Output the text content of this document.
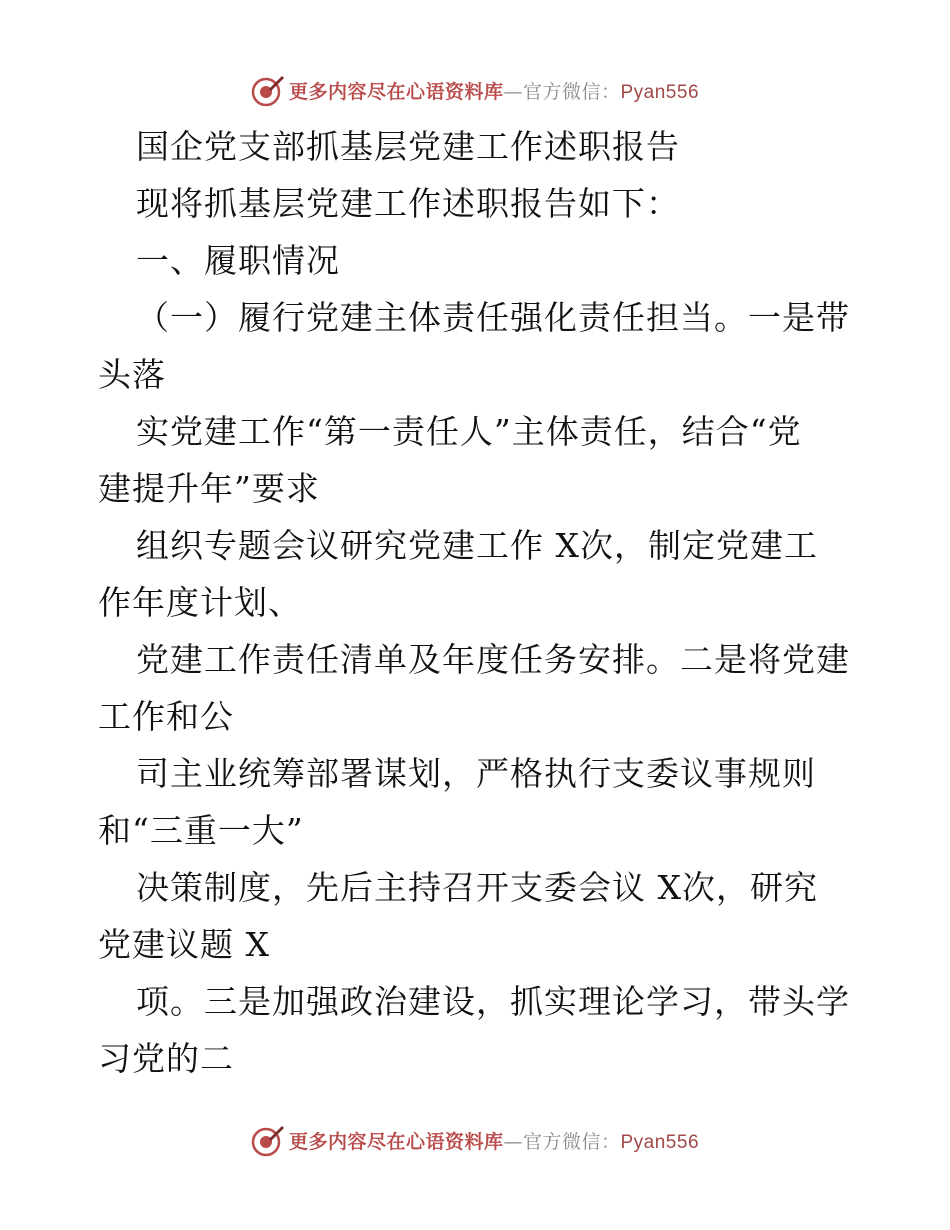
更多内容尽在心语资料库—官方微信：Pyan556
国企党支部抓基层党建工作述职报告
现将抓基层党建工作述职报告如下：
一、履职情况
（一）履行党建主体责任强化责任担当。一是带
头落
实党建工作“第一责任人”主体责任，结合“党
建提升年”要求
组织专题会议研究党建工作 X次，制定党建工
作年度计划、
党建工作责任清单及年度任务安排。二是将党建
工作和公
司主业统筹部署谋划，严格执行支委议事规则
和“三重一大”
决策制度，先后主持召开支委会议 X次，研究
党建议题 X
项。三是加强政治建设，抓实理论学习，带头学
习党的二
更多内容尽在心语资料库—官方微信：Pyan556
